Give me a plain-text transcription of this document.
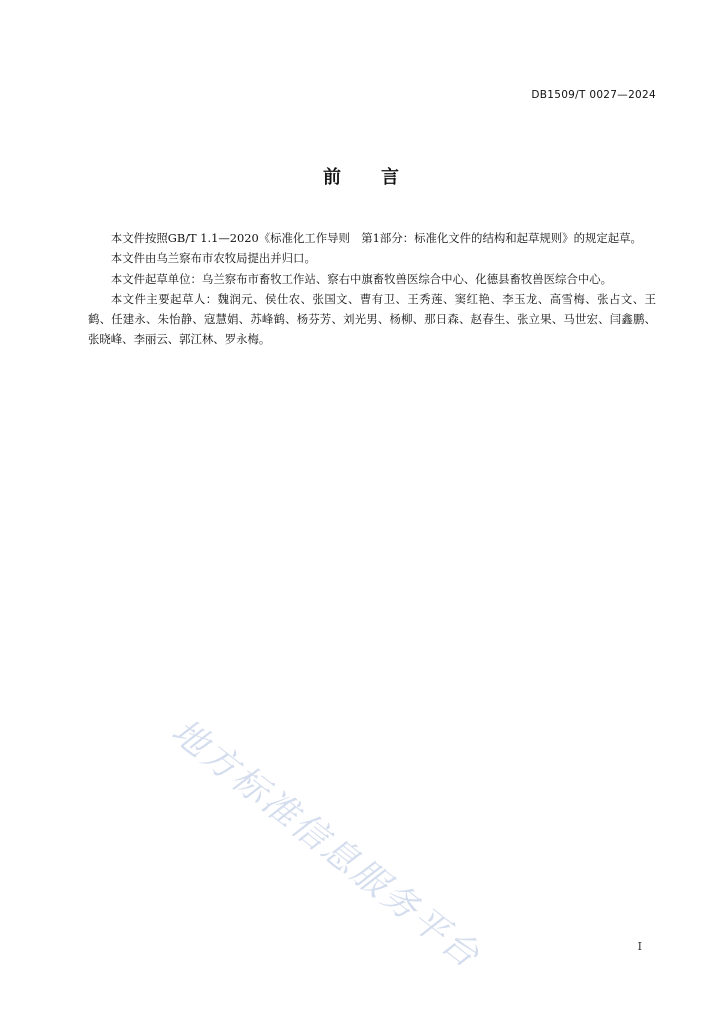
DB1509/T 0027—2024
前 言

本文件按照GB/T 1.1—2020《标准化工作导则　第1部分：标准化文件的结构和起草规则》的规定起草。

本文件由乌兰察布市农牧局提出并归口。

本文件起草单位：乌兰察布市畜牧工作站、察右中旗畜牧兽医综合中心、化德县畜牧兽医综合中心。

本文件主要起草人：魏润元、侯仕农、张国文、曹有卫、王秀莲、窦红艳、李玉龙、高雪梅、张占文、王鹤、任建永、朱怡静、寇慧娟、苏峰鹤、杨芬芳、刘光男、杨柳、那日森、赵春生、张立果、马世宏、闫鑫鹏、张晓峰、李丽云、郭江林、罗永梅。

地方标准信息服务平台	I
